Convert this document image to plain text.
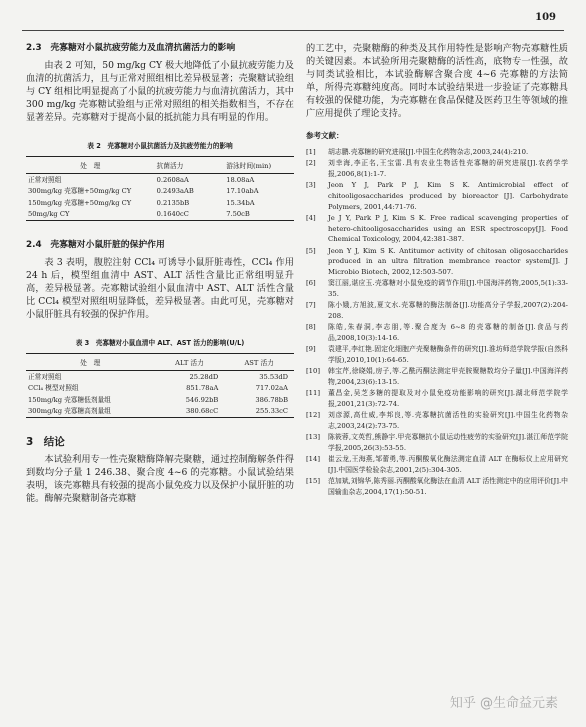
109
2.3　壳寡糖对小鼠抗疲劳能力及血清抗菌活力的影响

由表 2 可知，50 mg/kg CY 极大地降低了小鼠抗疲劳能力及血清的抗菌活力，且与正常对照组相比差异极显著；壳聚糖试验组与 CY 组相比明显提高了小鼠的抗疲劳能力与血清抗菌活力，其中 300 mg/kg 壳寡糖试验组与正常对照组的相关指数相当，不存在显著差异。壳寡糖对于提高小鼠的抵抗能力具有明显的作用。

表 2　壳寡糖对小鼠抗菌活力及抗疲劳能力的影响
处　理	抗菌活力	游泳时间(min)
正常对照组	0.2608aA	18.08aA
300mg/kg 壳寡糖+50mg/kg CY	0.2493aAB	17.10abA
150mg/kg 壳寡糖+50mg/kg CY	0.2135bB	15.34bA
50mg/kg CY	0.1640cC	7.50cB
2.4　壳寡糖对小鼠肝脏的保护作用

表 3 表明，腹腔注射 CCl₄ 可诱导小鼠肝脏毒性，CCl₄ 作用 24 h 后，模型组血清中 AST、ALT 活性含量比正常组明显升高，差异极显著。壳寡糖试验组小鼠血清中 AST、ALT 活性含量比 CCl₄ 模型对照组明显降低，差异极显著。由此可见，壳寡糖对小鼠肝脏具有较强的保护作用。

表 3　壳寡糖对小鼠血清中 ALT、AST 活力的影响(U/L)
处　理	ALT 活力	AST 活力
正常对照组	25.28dD	35.53dD
CCl₄ 模型对照组	851.78aA	717.02aA
150mg/kg 壳寡糖低剂量组	546.92bB	386.78bB
300mg/kg 壳寡糖高剂量组	380.68cC	255.33cC
3　结论

本试验利用专一性壳聚糖酶降解壳聚糖，通过控制酶解条件得到数均分子量 1 246.38、聚合度 4~6 的壳寡糖。小鼠试验结果表明，该壳寡糖具有较强的提高小鼠免疫力以及保护小鼠肝脏的功能。酶解壳聚糖制备壳寡糖

的工艺中，壳聚糖酶的种类及其作用特性是影响产物壳寡糖性质的关键因素。本试验所用壳聚糖酶的活性高，底物专一性强，故与同类试验相比，本试验酶解含聚合度 4~6 壳寡糖的方法简单，所得壳寡糖纯度高。同时本试验结果进一步验证了壳寡糖具有较强的保健功能，为壳寡糖在食品保健及医药卫生等领域的推广应用提供了理论支持。

参考文献：
[1]	胡志鹏.壳寡糖的研究进展[J].中国生化药物杂志,2003,24(4):210.
[2]	刘幸海,李正名,王宝雷.具有农业生物活性壳寡糖的研究进展[J].农药学学报,2006,8(1):1-7.
[3]	Jeon Y J, Park P J, Kim S K. Antimicrobial effect of chitooligosaccharides produced by bioreactor [J]. Carbohydrate Polymers, 2001,44:71-76.
[4]	Je J Y, Park P J, Kim S K. Free radical scavenging properties of hetero-chitooligosaccharides using an ESR spectroscopy[J]. Food Chemical Toxicology, 2004,42:381-387.
[5]	Jeon Y J, Kim S K. Antitumor activity of chitosan oligosaccharides produced in an ultra filtration membrance reactor system[J]. J Microbio Biotech, 2002,12:503-507.
[6]	窦江丽,谌应玉.壳寡糖对小鼠免疫的调节作用[J].中国海洋药物,2005,5(1):33-35.
[7]	陈小娥,方旭波,夏文水.壳寡糖的酶法制备[J].功能高分子学报,2007(2):204-208.
[8]	陈皓,朱春洞,李志朋,等.聚合度为 6~8 的壳寡糖的制备[J].食品与药品,2008,10(3):14-16.
[9]	袁建平,李红艳.固定化细胞产壳聚糖酶条件的研究[J].淮坊师范学院学报(自然科学版),2010,10(1):64-65.
[10]	韩宝芹,徐晓娟,房子,等.乙酰丙酮法测定甲壳胺聚糖数均分子量[J].中国海洋药物,2004,23(6):13-15.
[11]	董昌金,吴芝多糖的提取及对小鼠免疫功能影响的研究[J].湖北师范学院学报,2001,21(3):72-74.
[12]	刘彦源,高仕威,李邦良,等.壳寡糖抗菌活性的实验研究[J].中国生化药物杂志,2003,24(2):73-75.
[13]	陈筱蓉,文英哲,熊静宇.甲壳寡糖抗小鼠运动性疲劳的实验研究[J].湛江师范学院学报,2005,26(3):53-55.
[14]	崔云龙,王海燕,邹蕾勇,等.丙酮酸氧化酶法测定血清 ALT 在酶标仪上应用研究[J].中国医学检验杂志,2001,2(5):304-305.
[15]	范加斌,刘锦华,陈秀丽.丙酮酸氧化酶法在血清 ALT 活性测定中的应用评价[J].中国输血杂志,2004,17(1):50-51.
知乎 @生命益元素
